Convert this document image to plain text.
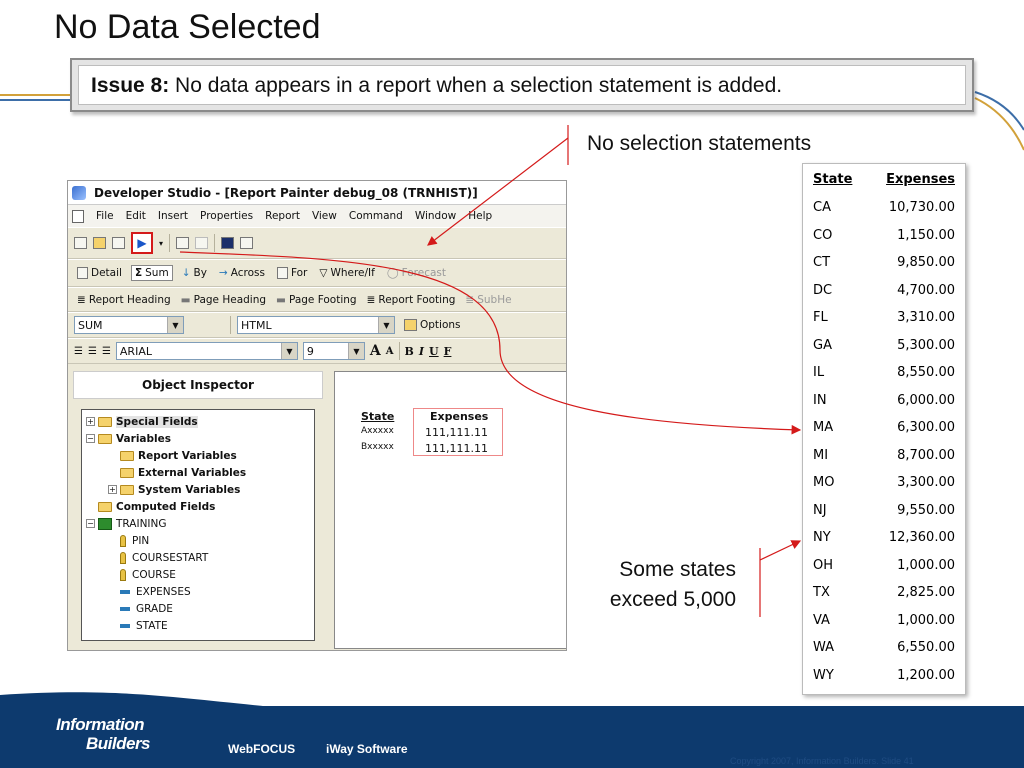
No Data Selected
Issue 8: No data appears in a report when a selection statement is added.
No selection statements
Some states
exceed 5,000
Developer Studio - [Report Painter debug_08 (TRNHIST)]
File Edit Insert Properties Report View Command Window Help
▶	▾
Detail Σ Sum ↓ By → Across For ▽ Where/If ◯ Forecast
≣ Report Heading ▬ Page Heading ▬ Page Footing ≣ Report Footing ≣ SubHe
SUM	▼	HTML	▼	Options
☰ ☰ ☰ ARIAL	▼	9	▼ A A B I U F
Object Inspector
+ Special Fields
− Variables
Report Variables
External Variables
+ System Variables
Computed Fields
− TRAINING
PIN
COURSESTART
COURSE
EXPENSES
GRADE
STATE
State	Expenses
Axxxxx	111,111.11
Bxxxxx	111,111.11
State	Expenses
CA	10,730.00
CO	1,150.00
CT	9,850.00
DC	4,700.00
FL	3,310.00
GA	5,300.00
IL	8,550.00
IN	6,000.00
MA	6,300.00
MI	8,700.00
MO	3,300.00
NJ	9,550.00
NY	12,360.00
OH	1,000.00
TX	2,825.00
VA	1,000.00
WA	6,550.00
WY	1,200.00
Information
Builders	WebFOCUS	iWay Software
Copyright 2007, Information Builders. Slide 41
